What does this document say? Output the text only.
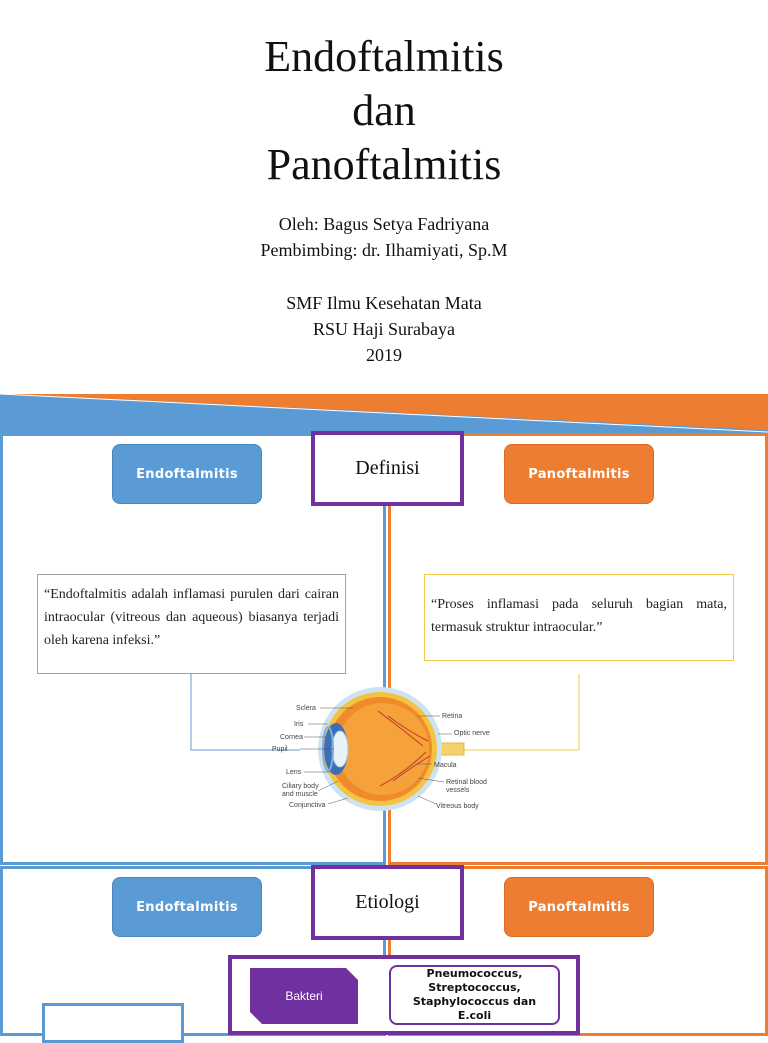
Endoftalmitis
dan
Panoftalmitis
Oleh: Bagus Setya Fadriyana
Pembimbing: dr. Ilhamiyati, Sp.M
SMF Ilmu Kesehatan Mata
RSU Haji Surabaya
2019
Endoftalmitis	Panoftalmitis
Definisi
“Endoftalmitis adalah inflamasi purulen dari cairan intraocular (vitreous dan aqueous) biasanya terjadi oleh karena infeksi.”
“Proses inflamasi pada seluruh bagian mata, termasuk struktur intraocular.”
Sclera
Iris
Cornea
Pupil
Lens
Ciliary body
and muscle
Conjunctiva
Retina
Optic nerve
Macula
Retinal blood
vessels
Vitreous body
Endoftalmitis	Panoftalmitis
Etiologi
Bakteri
Pneumococcus,
Streptococcus,
Staphylococcus dan E.coli
